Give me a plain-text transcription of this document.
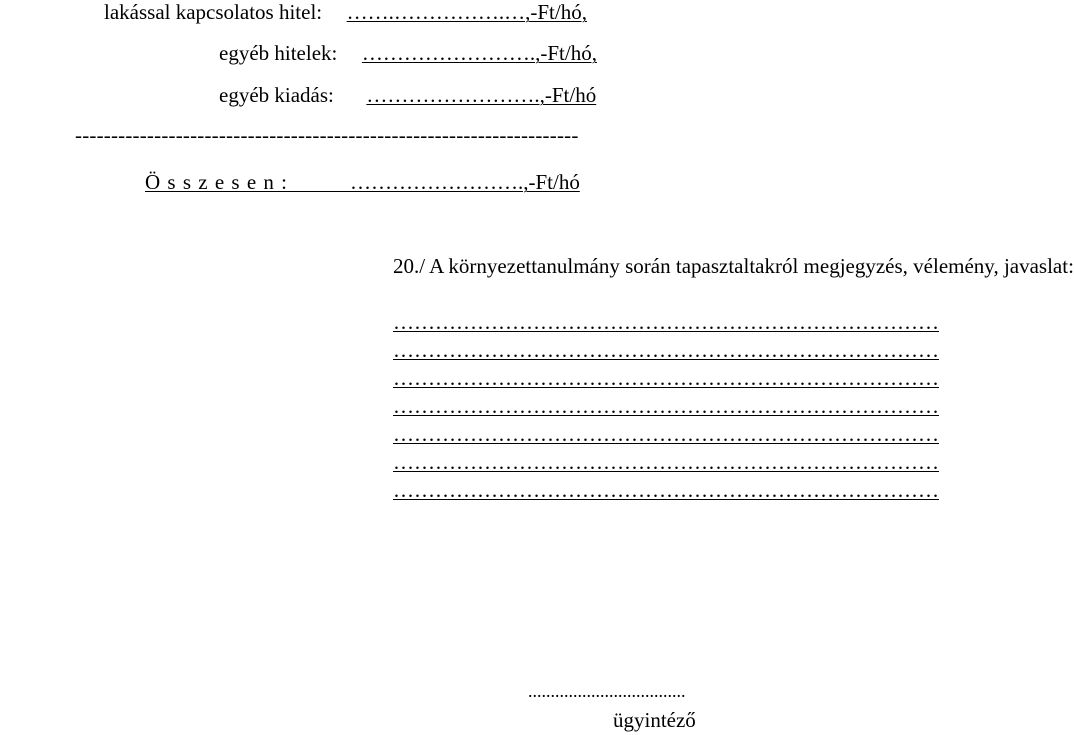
lakással kapcsolatos hitel: …….…………….…,-Ft/hó,
egyéb hitelek: …………………….,-Ft/hó,
egyéb kiadás: …………………….,-Ft/hó
----------------------------------------------------------------------
Ö s s z e s e n :	…………………….,-Ft/hó
20./ A környezettanulmány során tapasztaltakról megjegyzés, vélemény, javaslat:
……………………………………………………………………
……………………………………………………………………
……………………………………………………………………
……………………………………………………………………
……………………………………………………………………
……………………………………………………………………
……………………………………………………………………
...................................
ügyintéző
